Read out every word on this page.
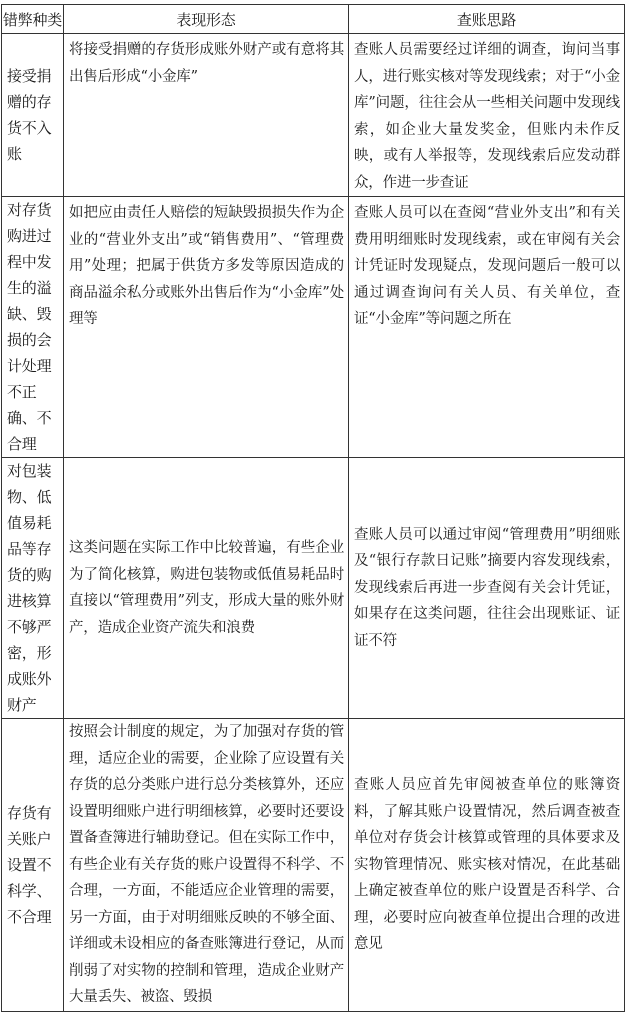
错弊种类	表现形态	查账思路
接受捐赠的存货不入账	将接受捐赠的存货形成账外财产或有意将其出售后形成“小金库”	查账人员需要经过详细的调查，询问当事人，进行账实核对等发现线索；对于“小金库”问题，往往会从一些相关问题中发现线索，如企业大量发奖金，但账内未作反映，或有人举报等，发现线索后应发动群众，作进一步查证
对存货购进过程中发生的溢缺、毁损的会计处理不正确、不合理	如把应由责任人赔偿的短缺毁损损失作为企业的“营业外支出”或“销售费用”、“管理费用”处理；把属于供货方多发等原因造成的商品溢余私分或账外出售后作为“小金库”处理等	查账人员可以在查阅“营业外支出”和有关费用明细账时发现线索，或在审阅有关会计凭证时发现疑点，发现问题后一般可以通过调查询问有关人员、有关单位，查证“小金库”等问题之所在
对包装物、低值易耗品等存货的购进核算不够严密，形成账外财产	这类问题在实际工作中比较普遍，有些企业为了简化核算，购进包装物或低值易耗品时直接以“管理费用”列支，形成大量的账外财产，造成企业资产流失和浪费	查账人员可以通过审阅“管理费用”明细账及“银行存款日记账”摘要内容发现线索，发现线索后再进一步查阅有关会计凭证，如果存在这类问题，往往会出现账证、证证不符
存货有关账户设置不科学、不合理	按照会计制度的规定，为了加强对存货的管理，适应企业的需要，企业除了应设置有关存货的总分类账户进行总分类核算外，还应设置明细账户进行明细核算，必要时还要设置备查簿进行辅助登记。但在实际工作中，有些企业有关存货的账户设置得不科学、不合理，一方面，不能适应企业管理的需要，另一方面，由于对明细账反映的不够全面、详细或未设相应的备查账簿进行登记，从而削弱了对实物的控制和管理，造成企业财产大量丢失、被盗、毁损	查账人员应首先审阅被查单位的账簿资料，了解其账户设置情况，然后调查被查单位对存货会计核算或管理的具体要求及实物管理情况、账实核对情况，在此基础上确定被查单位的账户设置是否科学、合理，必要时应向被查单位提出合理的改进意见
